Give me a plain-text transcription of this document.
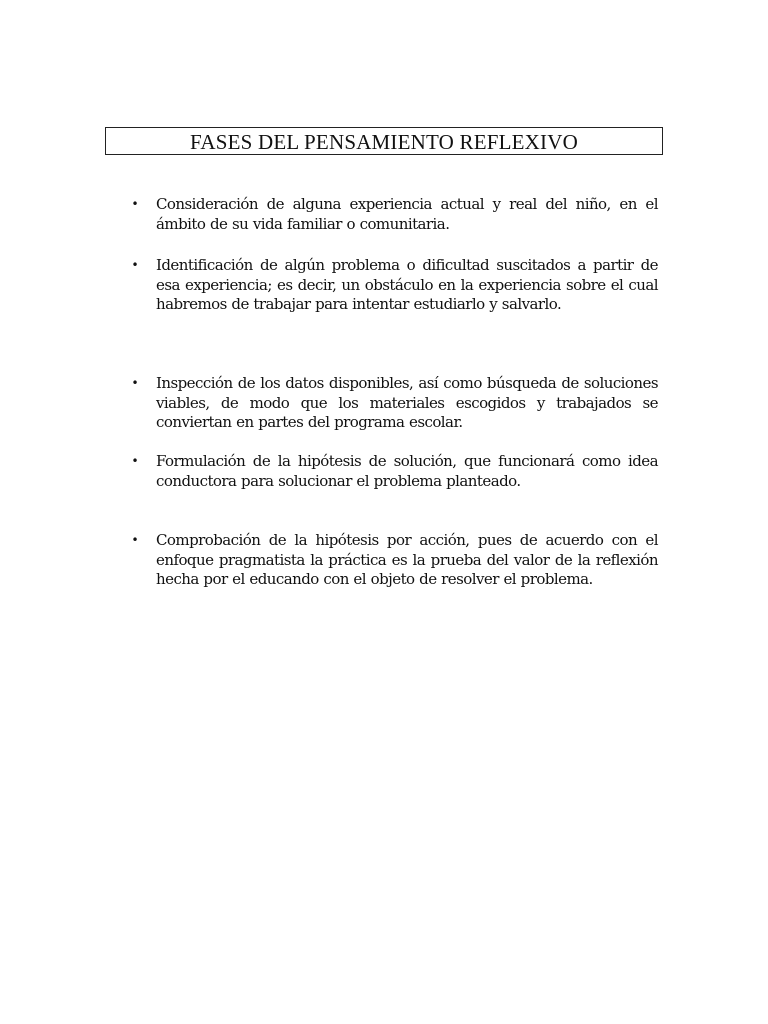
FASES DEL PENSAMIENTO REFLEXIVO
• Consideración de alguna experiencia actual y real del niño, en el ámbito de su vida familiar o comunitaria.
• Identificación de algún problema o dificultad suscitados a partir de esa experiencia; es decir, un obstáculo en la experiencia sobre el cual habremos de trabajar para intentar estudiarlo y salvarlo.
• Inspección de los datos disponibles, así como búsqueda de soluciones viables, de modo que los materiales escogidos y trabajados se conviertan en partes del programa escolar.
• Formulación de la hipótesis de solución, que funcionará como idea conductora para solucionar el problema planteado.
• Comprobación de la hipótesis por acción, pues de acuerdo con el enfoque pragmatista la práctica es la prueba del valor de la reflexión hecha por el educando con el objeto de resolver el problema.
